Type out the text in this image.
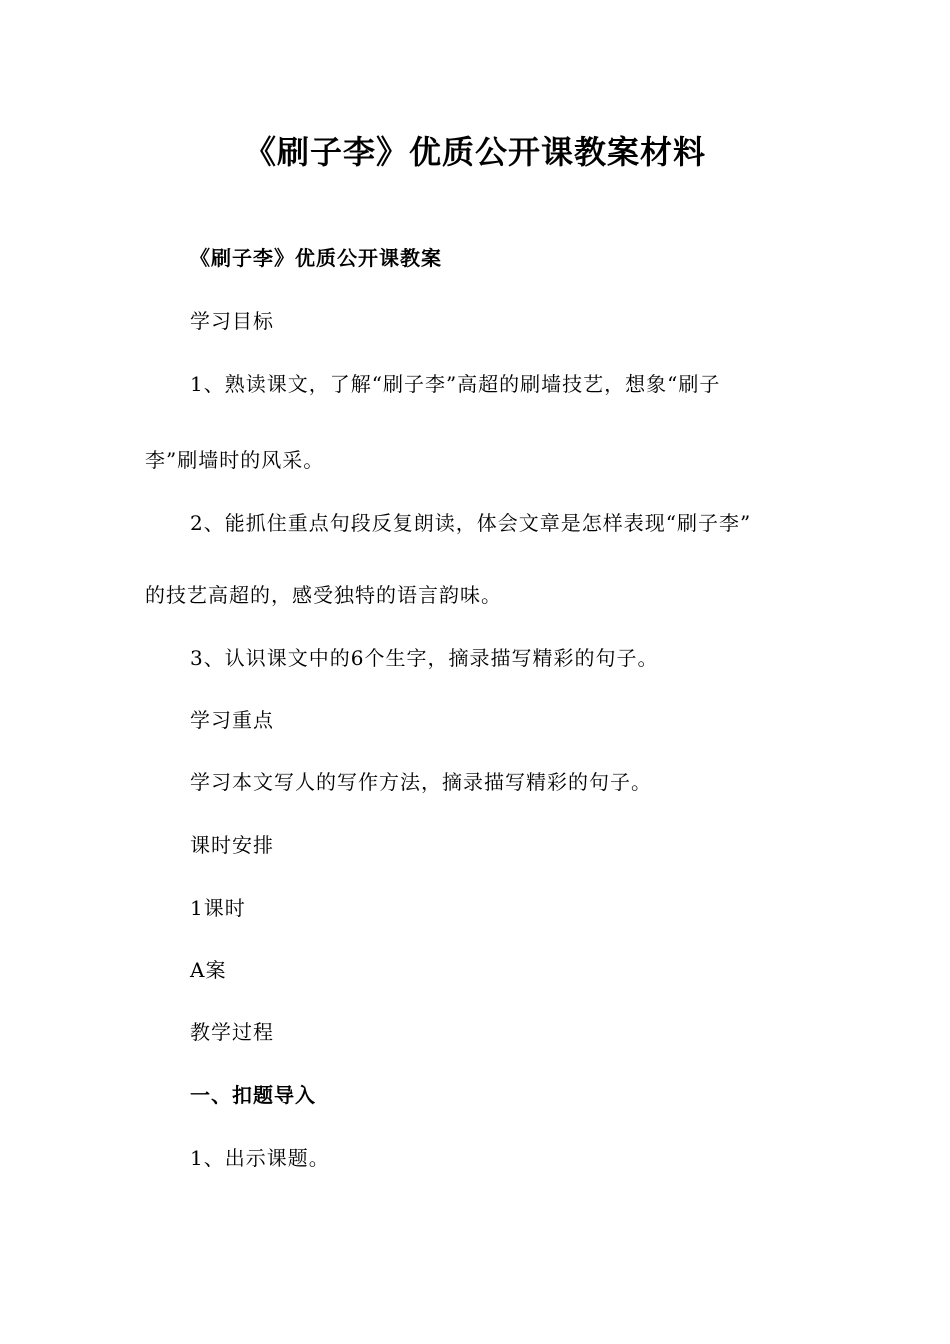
《刷子李》优质公开课教案材料
《刷子李》优质公开课教案
学习目标
1、熟读课文，了解“刷子李”高超的刷墙技艺，想象“刷子
李”刷墙时的风采。
2、能抓住重点句段反复朗读，体会文章是怎样表现“刷子李”
的技艺高超的，感受独特的语言韵味。
3、认识课文中的6个生字，摘录描写精彩的句子。
学习重点
学习本文写人的写作方法，摘录描写精彩的句子。
课时安排
1课时
A案
教学过程
一、扣题导入
1、出示课题。
